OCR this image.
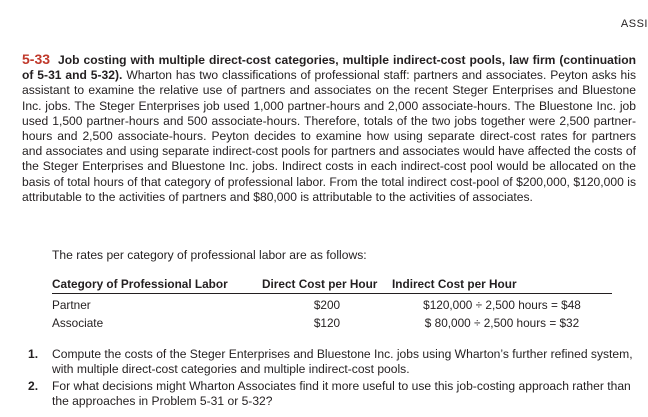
ASSI
5-33 Job costing with multiple direct-cost categories, multiple indirect-cost pools, law firm (continuation of 5-31 and 5-32). Wharton has two classifications of professional staff: partners and associates. Peyton asks his assistant to examine the relative use of partners and associates on the recent Steger Enterprises and Bluestone Inc. jobs. The Steger Enterprises job used 1,000 partner-hours and 2,000 associate-hours. The Bluestone Inc. job used 1,500 partner-hours and 500 associate-hours. Therefore, totals of the two jobs together were 2,500 partner-hours and 2,500 associate-hours. Peyton decides to examine how using separate direct-cost rates for partners and associates and using separate indirect-cost pools for partners and associates would have affected the costs of the Steger Enterprises and Bluestone Inc. jobs. Indirect costs in each indirect-cost pool would be allocated on the basis of total hours of that category of professional labor. From the total indirect cost-pool of $200,000, $120,000 is attributable to the activities of partners and $80,000 is attributable to the activities of associates.
The rates per category of professional labor are as follows:
Category of Professional Labor	Direct Cost per Hour	Indirect Cost per Hour
Partner	$200	$120,000 ÷ 2,500 hours = $48
Associate	$120	$ 80,000 ÷ 2,500 hours = $32
1.	Compute the costs of the Steger Enterprises and Bluestone Inc. jobs using Wharton’s further refined system, with multiple direct-cost categories and multiple indirect-cost pools.
2.	For what decisions might Wharton Associates find it more useful to use this job-costing approach rather than the approaches in Problem 5-31 or 5-32?
